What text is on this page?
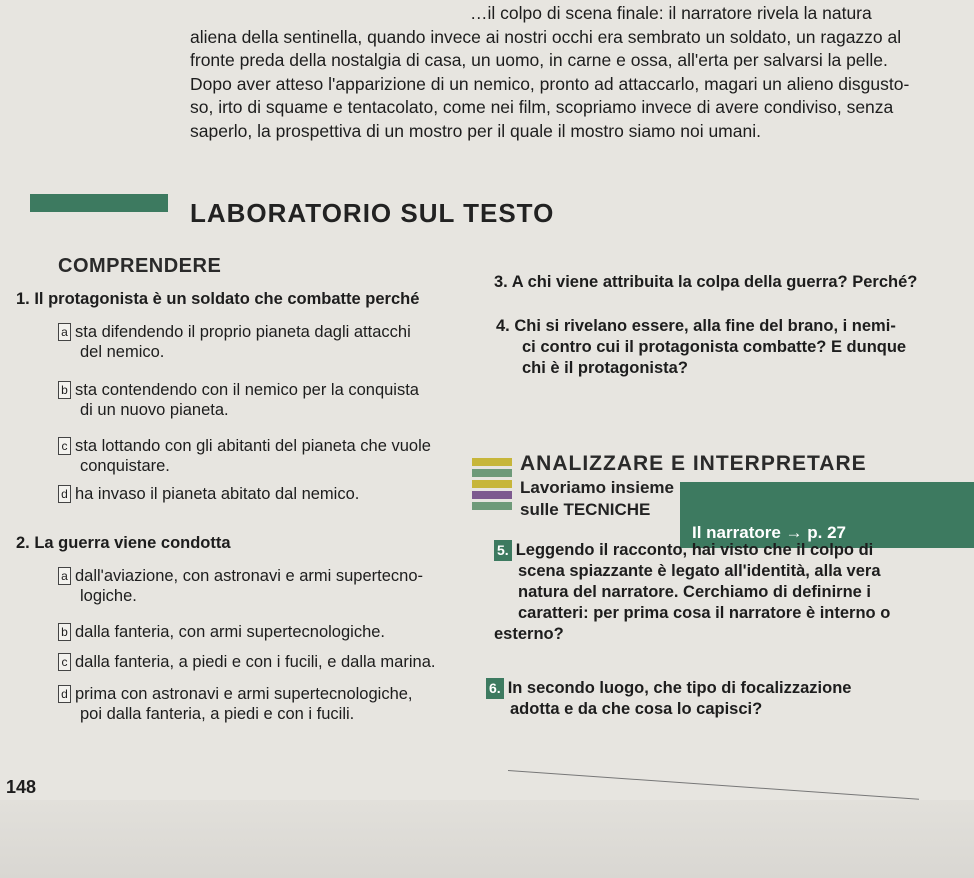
…il colpo di scena finale: il narratore rivela la natura
aliena della sentinella, quando invece ai nostri occhi era sembrato un soldato, un ragazzo al
fronte preda della nostalgia di casa, un uomo, in carne e ossa, all'erta per salvarsi la pelle.
Dopo aver atteso l'apparizione di un nemico, pronto ad attaccarlo, magari un alieno disgusto-
so, irto di squame e tentacolato, come nei film, scopriamo invece di avere condiviso, senza
saperlo, la prospettiva di un mostro per il quale il mostro siamo noi umani.
LABORATORIO SUL TESTO
COMPRENDERE
1. Il protagonista è un soldato che combatte perché
a sta difendendo il proprio pianeta dagli attacchi
del nemico.
b sta contendendo con il nemico per la conquista
di un nuovo pianeta.
c sta lottando con gli abitanti del pianeta che vuole
conquistare.
d ha invaso il pianeta abitato dal nemico.
2. La guerra viene condotta
a dall'aviazione, con astronavi e armi supertecno-
logiche.
b dalla fanteria, con armi supertecnologiche.
c dalla fanteria, a piedi e con i fucili, e dalla marina.
d prima con astronavi e armi supertecnologiche,
poi dalla fanteria, a piedi e con i fucili.
3. A chi viene attribuita la colpa della guerra? Perché?
4. Chi si rivelano essere, alla fine del brano, i nemi-
ci contro cui il protagonista combatte? E dunque
chi è il protagonista?
ANALIZZARE E INTERPRETARE
Lavoriamo insieme
sulle TECNICHE
Il narratore → p. 27
5. Leggendo il racconto, hai visto che il colpo di
scena spiazzante è legato all'identità, alla vera
natura del narratore. Cerchiamo di definirne i
caratteri: per prima cosa il narratore è interno o
esterno?
6. In secondo luogo, che tipo di focalizzazione
adotta e da che cosa lo capisci?
148
